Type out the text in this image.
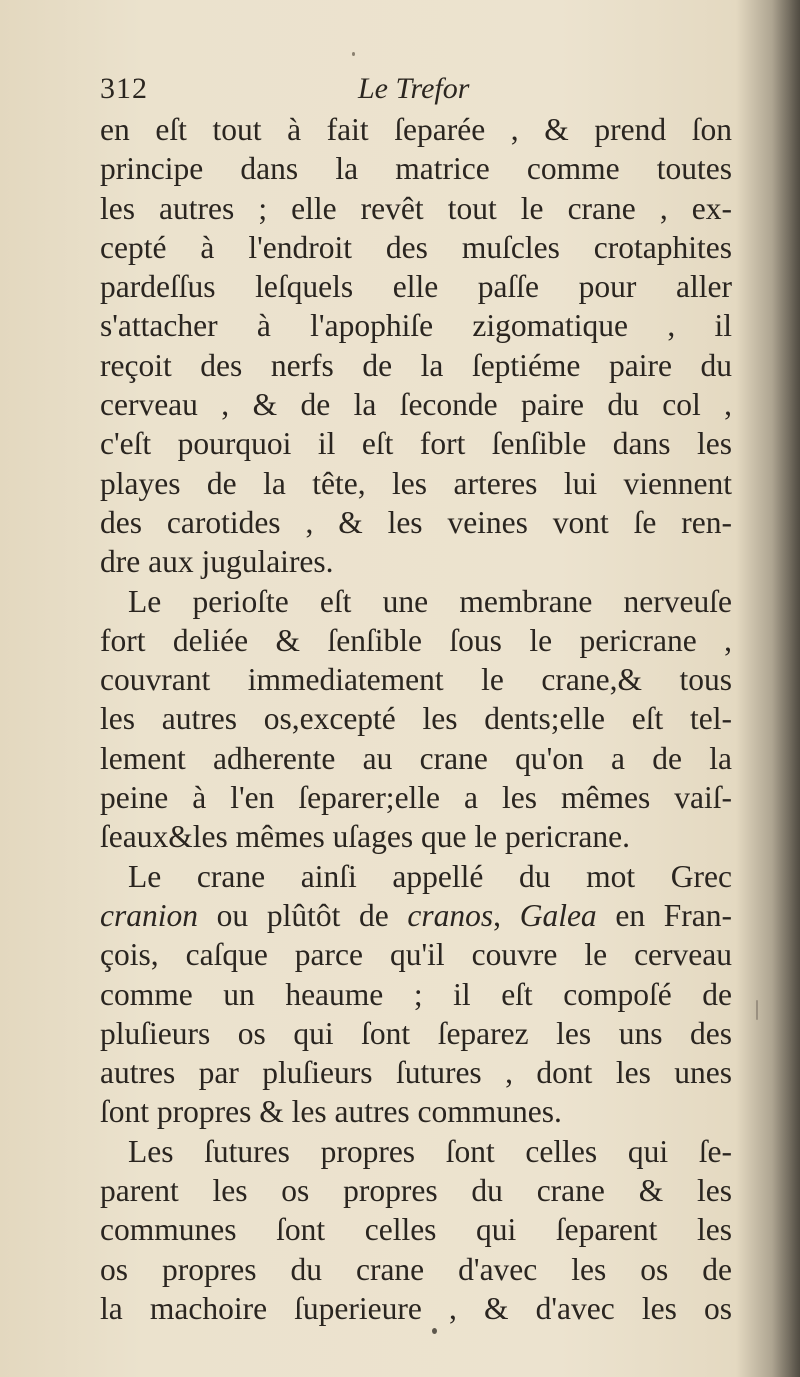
312	Le Trefor
en eſt tout à fait ſeparée , & prend ſon
principe dans la matrice comme toutes
les autres ; elle revêt tout le crane , ex-
cepté à l'endroit des muſcles crotaphites
pardeſſus leſquels elle paſſe pour aller
s'attacher à l'apophiſe zigomatique , il
reçoit des nerfs de la ſeptiéme paire du
cerveau , & de la ſeconde paire du col ,
c'eſt pourquoi il eſt fort ſenſible dans les
playes de la tête, les arteres lui viennent
des carotides , & les veines vont ſe ren-
dre aux jugulaires.
Le perioſte eſt une membrane nerveuſe
fort deliée & ſenſible ſous le pericrane ,
couvrant immediatement le crane,& tous
les autres os,excepté les dents;elle eſt tel-
lement adherente au crane qu'on a de la
peine à l'en ſeparer;elle a les mêmes vaiſ-
ſeaux&les mêmes uſages que le pericrane.
Le crane ainſi appellé du mot Grec
cranion ou plûtôt de cranos, Galea en Fran-
çois, caſque parce qu'il couvre le cerveau
comme un heaume ; il eſt compoſé de
pluſieurs os qui ſont ſeparez les uns des
autres par pluſieurs ſutures , dont les unes
ſont propres & les autres communes.
Les ſutures propres ſont celles qui ſe-
parent les os propres du crane & les
communes ſont celles qui ſeparent les
os propres du crane d'avec les os de
la machoire ſuperieure , & d'avec les os
